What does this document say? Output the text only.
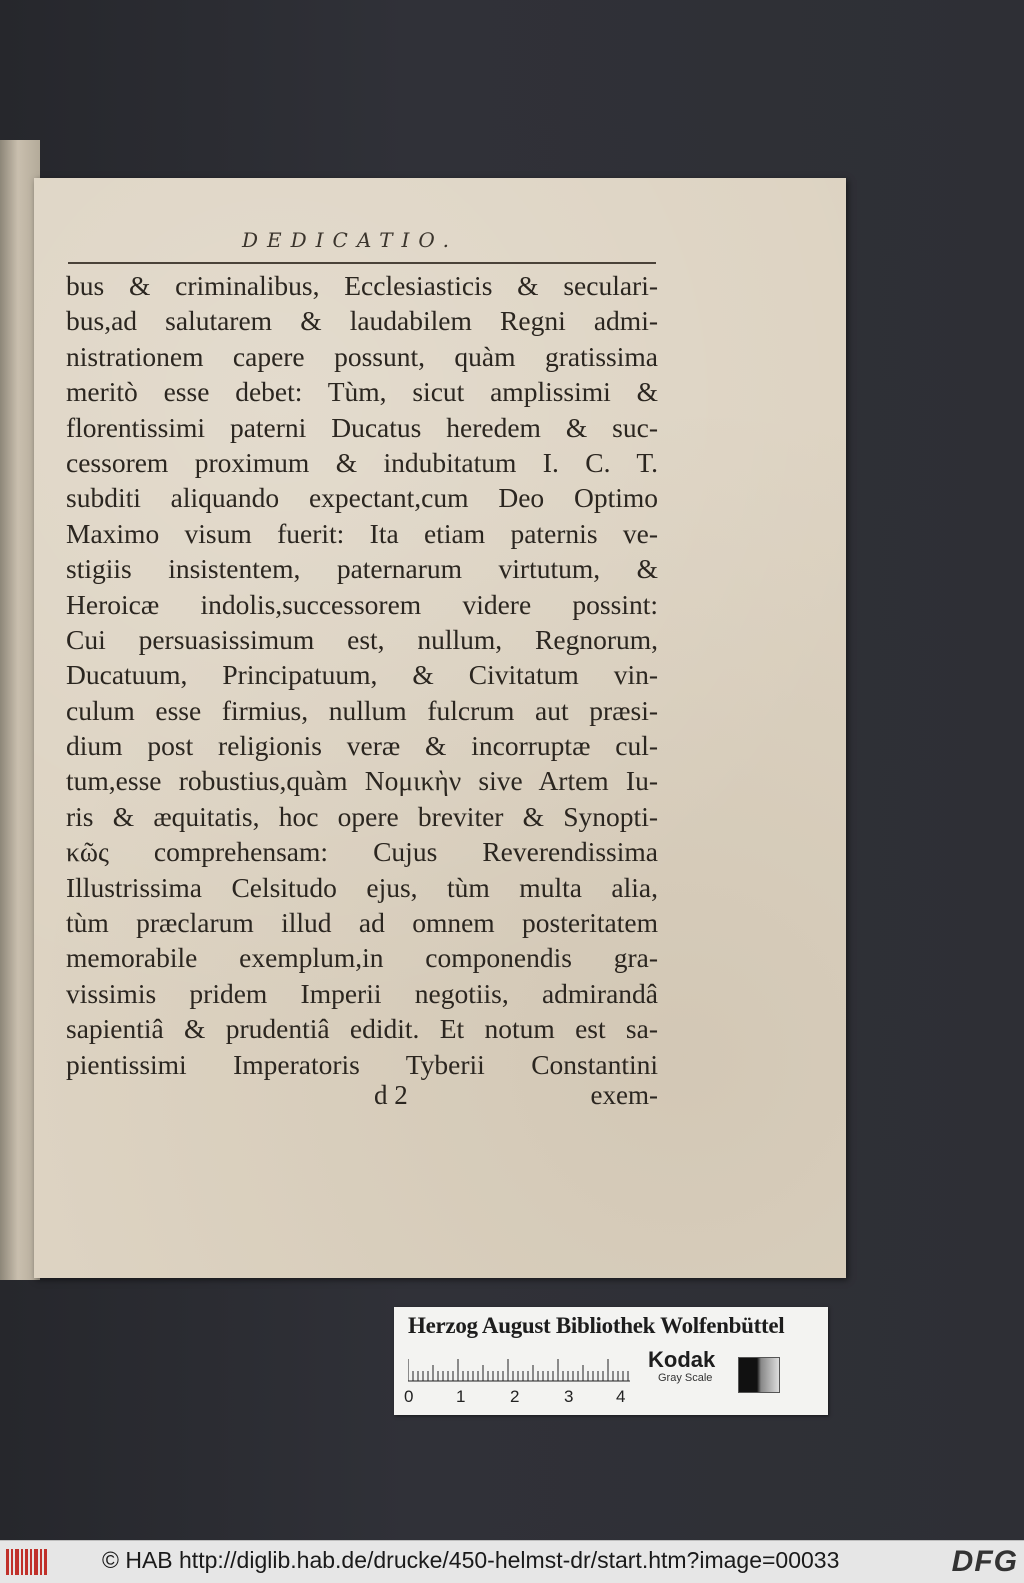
DEDICATIO.
bus & criminalibus, Ecclesiasticis & seculari-
bus,ad salutarem & laudabilem Regni admi-
nistrationem capere possunt, quàm gratissima
meritò esse debet: Tùm, sicut amplissimi &
florentissimi paterni Ducatus heredem & suc-
cessorem proximum & indubitatum I. C. T.
subditi aliquando expectant,cum Deo Optimo
Maximo visum fuerit: Ita etiam paternis ve-
stigiis insistentem, paternarum virtutum, &
Heroicæ indolis,successorem videre possint:
Cui persuasissimum est, nullum, Regnorum,
Ducatuum, Principatuum, & Civitatum vin-
culum esse firmius, nullum fulcrum aut præsi-
dium post religionis veræ & incorruptæ cul-
tum,esse robustius,quàm Νομικὴν sive Artem Iu-
ris & æquitatis, hoc opere breviter & Synopti-
κῶς comprehensam: Cujus Reverendissima
Illustrissima Celsitudo ejus, tùm multa alia,
tùm præclarum illud ad omnem posteritatem
memorabile exemplum,in componendis gra-
vissimis pridem Imperii negotiis, admirandâ
sapientiâ & prudentiâ edidit. Et notum est sa-
pientissimi Imperatoris Tyberii Constantini
d 2	exem-
Herzog August Bibliothek Wolfenbüttel
0	1	2	3	4
Kodak
Gray Scale
© HAB http://diglib.hab.de/drucke/450-helmst-dr/start.htm?image=00033	DFG
